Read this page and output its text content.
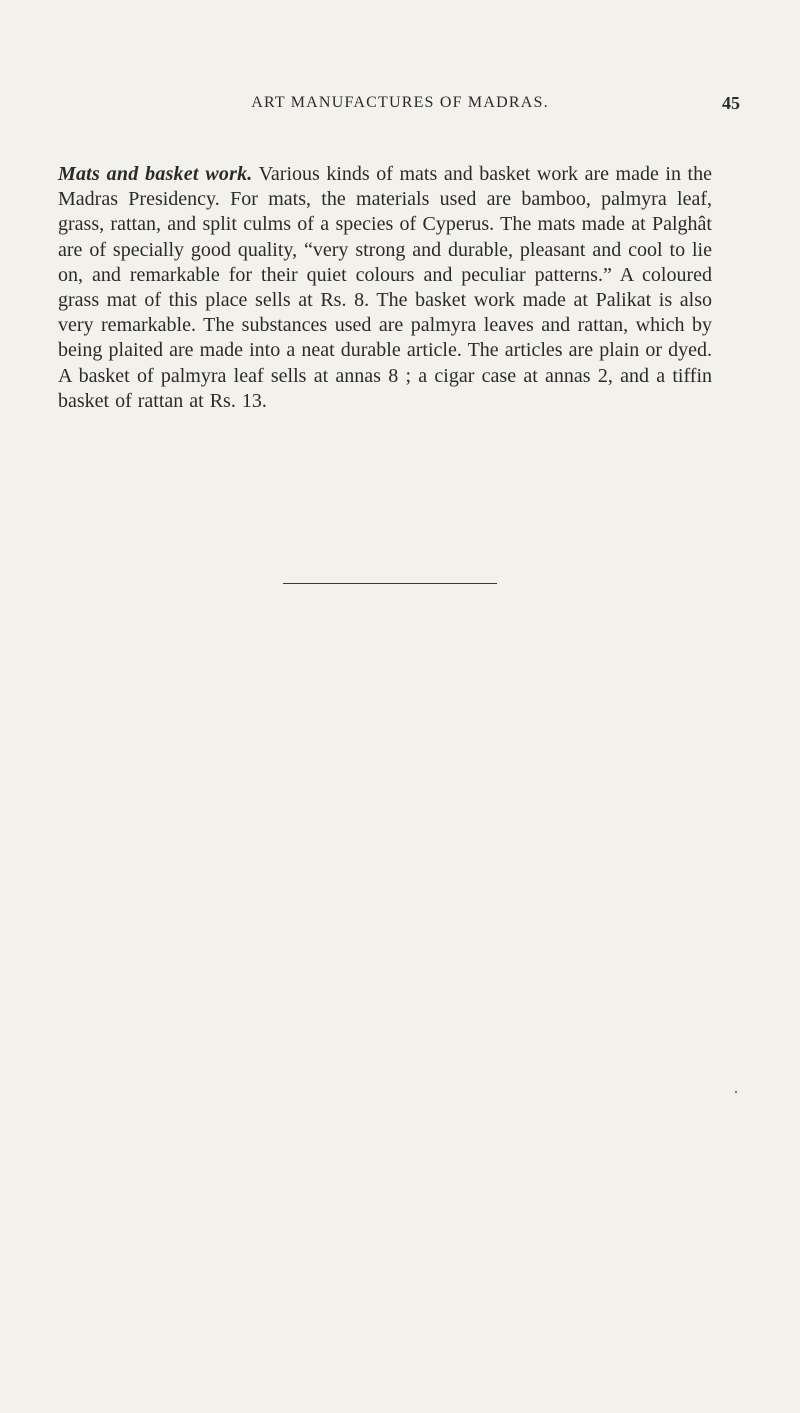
ART MANUFACTURES OF MADRAS.	45

Mats and basket work. Various kinds of mats and basket work are made in the Madras Presidency. For mats, the materials used are bamboo, palmyra leaf, grass, rattan, and split culms of a species of Cyperus. The mats made at Palghât are of specially good quality, “very strong and durable, pleasant and cool to lie on, and remarkable for their quiet colours and peculiar patterns.” A coloured grass mat of this place sells at Rs. 8. The basket work made at Palikat is also very remarkable. The substances used are palmyra leaves and rattan, which by being plaited are made into a neat durable article. The articles are plain or dyed. A basket of palmyra leaf sells at annas 8 ; a cigar case at annas 2, and a tiffin basket of rattan at Rs. 13.
